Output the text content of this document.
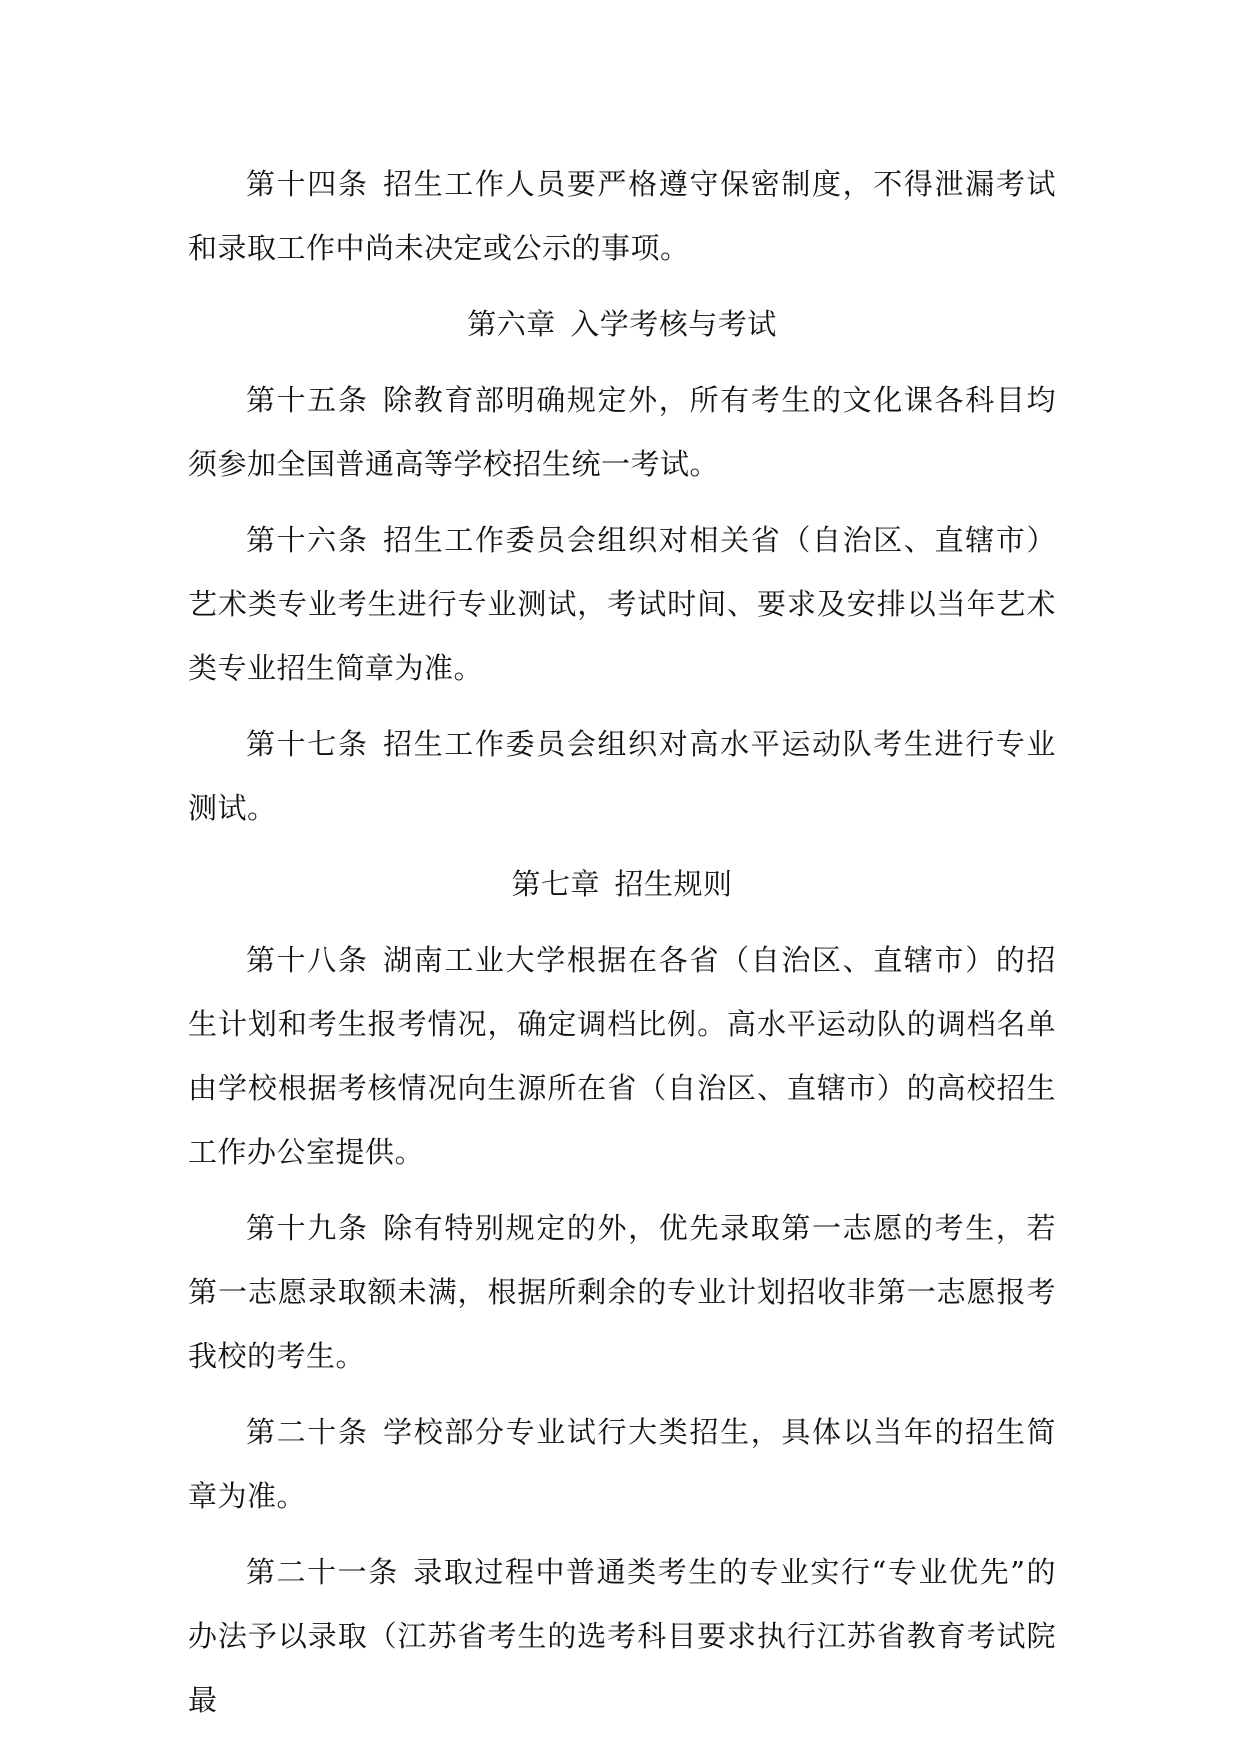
第十四条 招生工作人员要严格遵守保密制度，不得泄漏考试和录取工作中尚未决定或公示的事项。

第六章 入学考核与考试

第十五条 除教育部明确规定外，所有考生的文化课各科目均须参加全国普通高等学校招生统一考试。

第十六条 招生工作委员会组织对相关省（自治区、直辖市）艺术类专业考生进行专业测试，考试时间、要求及安排以当年艺术类专业招生简章为准。

第十七条 招生工作委员会组织对高水平运动队考生进行专业测试。

第七章 招生规则

第十八条 湖南工业大学根据在各省（自治区、直辖市）的招生计划和考生报考情况，确定调档比例。高水平运动队的调档名单由学校根据考核情况向生源所在省（自治区、直辖市）的高校招生工作办公室提供。

第十九条 除有特别规定的外，优先录取第一志愿的考生，若第一志愿录取额未满，根据所剩余的专业计划招收非第一志愿报考我校的考生。

第二十条 学校部分专业试行大类招生，具体以当年的招生简章为准。

第二十一条 录取过程中普通类考生的专业实行“专业优先”的办法予以录取（江苏省考生的选考科目要求执行江苏省教育考试院最
